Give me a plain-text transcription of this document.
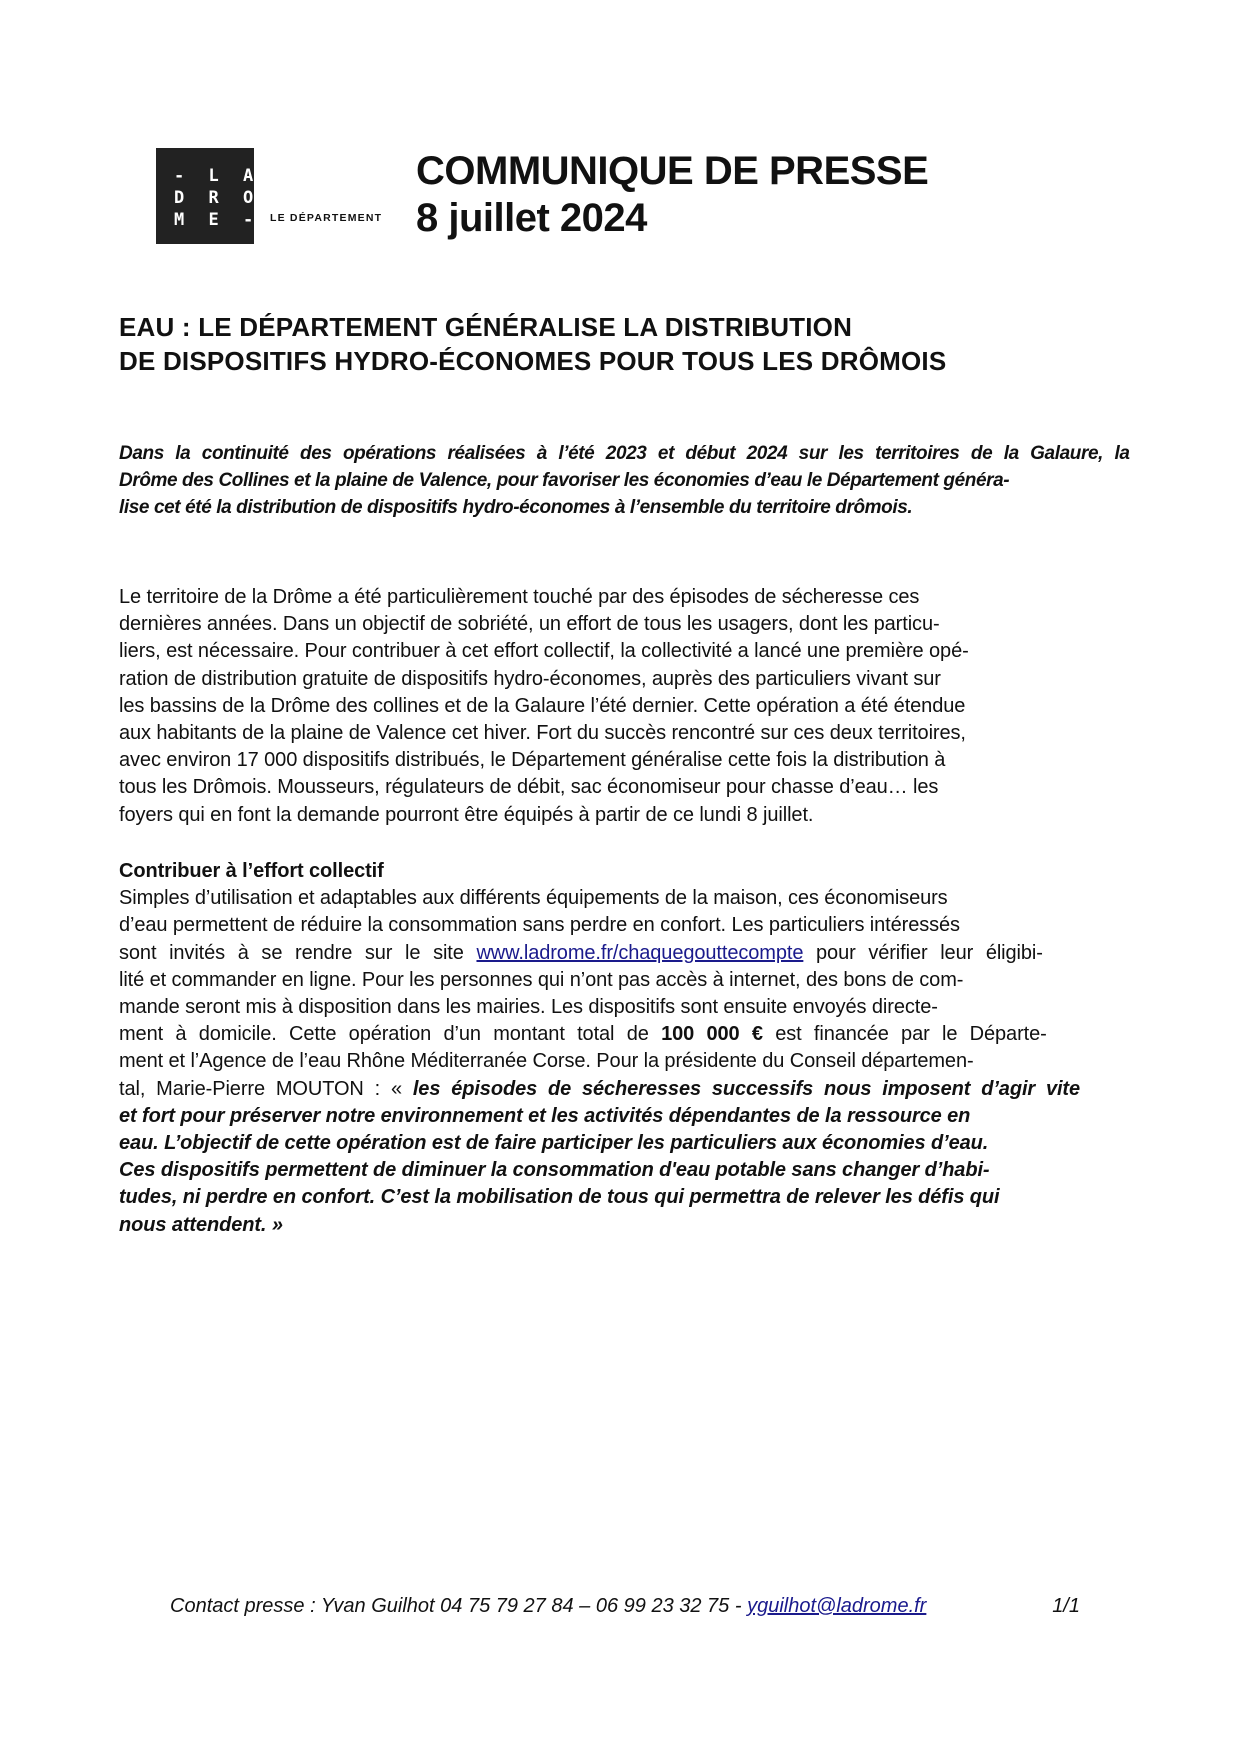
- L A
D R O
M E - LE DÉPARTEMENT
COMMUNIQUE DE PRESSE
8 juillet 2024
EAU : LE DÉPARTEMENT GÉNÉRALISE LA DISTRIBUTION
DE DISPOSITIFS HYDRO-ÉCONOMES POUR TOUS LES DRÔMOIS
Dans la continuité des opérations réalisées à l’été 2023 et début 2024 sur les territoires de la Galaure, la
Drôme des Collines et la plaine de Valence, pour favoriser les économies d’eau le Département généra-
lise cet été la distribution de dispositifs hydro-économes à l’ensemble du territoire drômois.
Le territoire de la Drôme a été particulièrement touché par des épisodes de sécheresse ces
dernières années. Dans un objectif de sobriété, un effort de tous les usagers, dont les particu-
liers, est nécessaire. Pour contribuer à cet effort collectif, la collectivité a lancé une première opé-
ration de distribution gratuite de dispositifs hydro-économes, auprès des particuliers vivant sur
les bassins de la Drôme des collines et de la Galaure l’été dernier. Cette opération a été étendue
aux habitants de la plaine de Valence cet hiver. Fort du succès rencontré sur ces deux territoires,
avec environ 17 000 dispositifs distribués, le Département généralise cette fois la distribution à
tous les Drômois. Mousseurs, régulateurs de débit, sac économiseur pour chasse d’eau… les
foyers qui en font la demande pourront être équipés à partir de ce lundi 8 juillet.
Contribuer à l’effort collectif
Simples d’utilisation et adaptables aux différents équipements de la maison, ces économiseurs
d’eau permettent de réduire la consommation sans perdre en confort. Les particuliers intéressés
sont invités à se rendre sur le site www.ladrome.fr/chaquegouttecompte pour vérifier leur éligibi-
lité et commander en ligne. Pour les personnes qui n’ont pas accès à internet, des bons de com-
mande seront mis à disposition dans les mairies. Les dispositifs sont ensuite envoyés directe-
ment à domicile. Cette opération d’un montant total de 100 000 € est financée par le Départe-
ment et l’Agence de l’eau Rhône Méditerranée Corse. Pour la présidente du Conseil départemen-
tal, Marie-Pierre MOUTON : « les épisodes de sécheresses successifs nous imposent d’agir vite
et fort pour préserver notre environnement et les activités dépendantes de la ressource en
eau. L’objectif de cette opération est de faire participer les particuliers aux économies d’eau.
Ces dispositifs permettent de diminuer la consommation d'eau potable sans changer d’habi-
tudes, ni perdre en confort. C’est la mobilisation de tous qui permettra de relever les défis qui
nous attendent. »
Contact presse : Yvan Guilhot 04 75 79 27 84 – 06 99 23 32 75 - yguilhot@ladrome.fr	1/1
